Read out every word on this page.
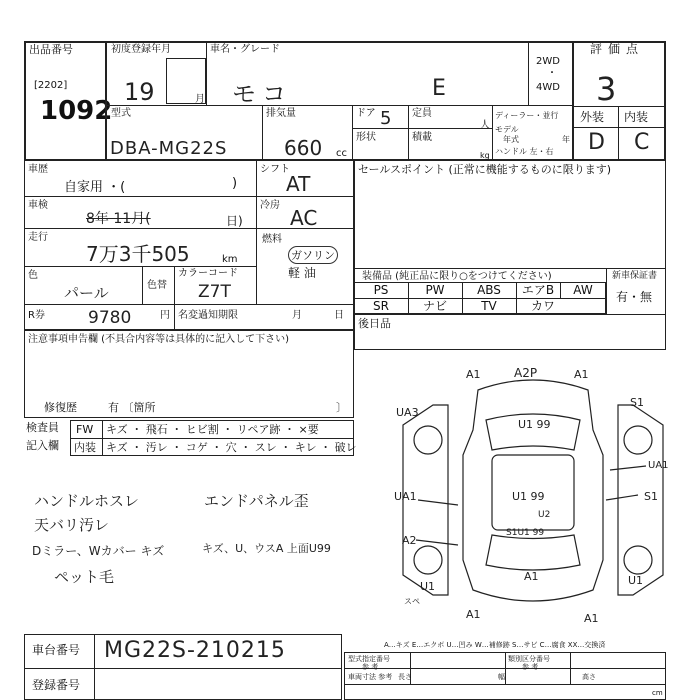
出品番号
[2202]
1092
初度登録年月
19	月
車名・グレード
モコ	E
2WD
・
4WD
評価点
3
外装 内装
D C
型式
DBA-MG22S
排気量
660 cc
ドア 5
形状
定員
人
積載
kg
ディーラー・並行
モデル
年式	年
ハンドル 左・右
車歴
自家用 ・(	)
車検
8年 11月(	日)
走行
7万3千505	km
色
パール	色替
カラーコード
Z7T
R券	9780	円 名変過知期限	月	日
シフト
AT
冷房
AC
燃料
ガソリン
軽 油
注意事項申告欄 (不具合内容等は具体的に記入して下さい)
修復歴	有 〔箇所	〕
検査員
記入欄
FW キズ ・ 飛石 ・ ヒビ割 ・ リペア跡 ・ ×要
内装 キズ ・ 汚レ ・ コゲ ・ 穴 ・ スレ ・ キレ ・ 破レ
ハンドルホスレ
天バリ汚レ
Dミラー、Wカバー キズ
ペット毛
エンドパネル歪
キズ、U、ウスA 上面U99
セールスポイント (正常に機能するものに限ります)
装備品 (純正品に限り○をつけてください)	新車保証書
有・無
PS	PW	ABS	エアB	AW
SR	ナビ	TV	カワ
後日品
A1	A2P	A1
S1
UA3
U1 99
UA1
UA1	U1 99	S1
U2
S1U1 99
A2
A1
U1	U1
A1	A1
スペ
A…キズ E…エクボ U…凹み W…補修跡 S…サビ C…腐食 XX…交換済
車台番号 MG22S-210215
登録番号
型式指定番号
参 考
類別区分番号
参 考
車両寸法 参考 長さ	幅	高さ
cm
